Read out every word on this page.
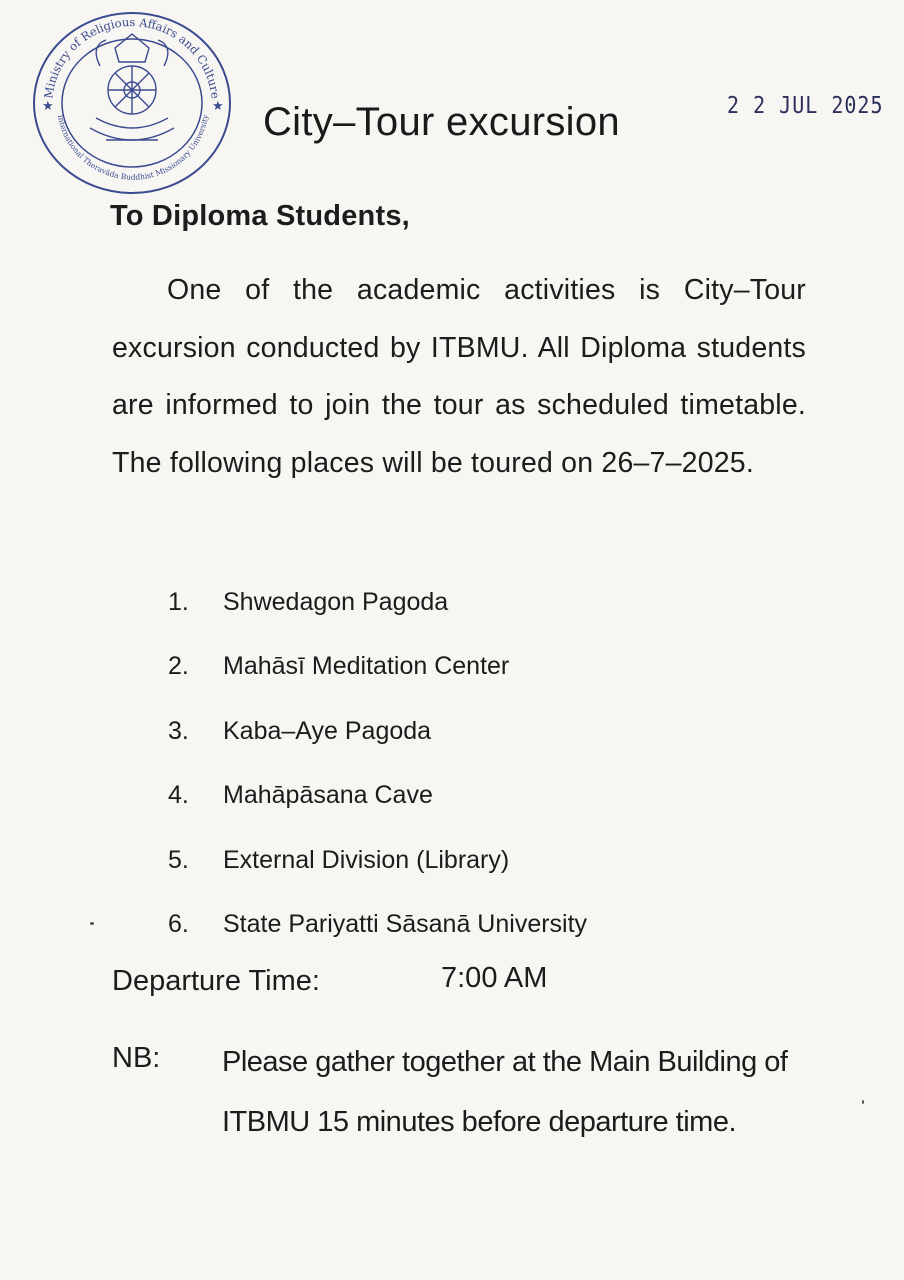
Ministry of Religious Affairs and Culture
International Theravāda Buddhist Missionary University
★	★ City–Tour excursion	2 2 JUL 2025
To Diploma Students,
One of the academic activities is City–Tour excursion conducted by ITBMU. All Diploma students are informed to join the tour as scheduled timetable. The following places will be toured on 26–7–2025.
1.	Shwedagon Pagoda
2.	Mahāsī Meditation Center
3.	Kaba–Aye Pagoda
4.	Mahāpāsana Cave
5.	External Division (Library)
6.	State Pariyatti Sāsanā University
Departure Time:	7:00 AM
NB: Please gather together at the Main Building of ITBMU 15 minutes before departure time.
